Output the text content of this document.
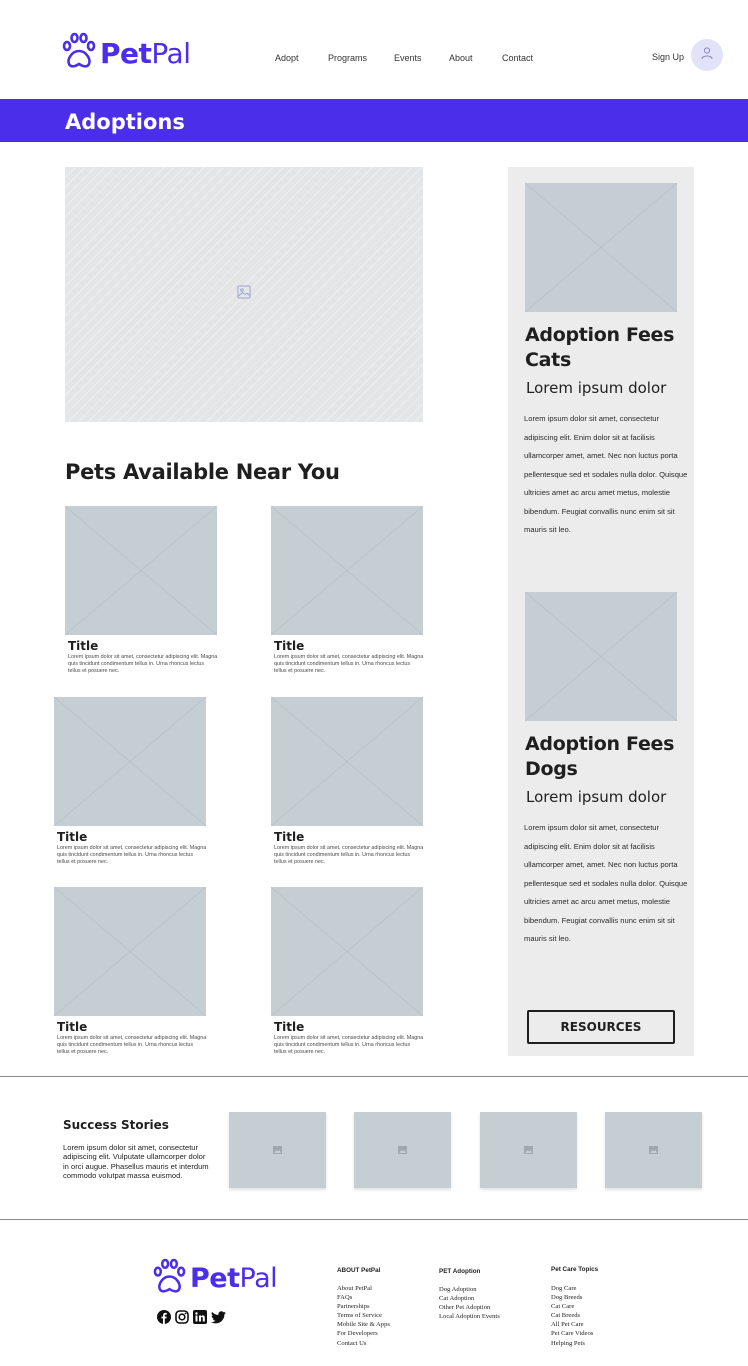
PetPal	Adopt	Programs	Events	About	Contact	Sign Up
Adoptions
Pets Available Near You
Title
Lorem ipsum dolor sit amet, consectetur adipiscing elit. Magna quis tincidunt condimentum tellus in. Urna rhoncus lectus tellus et posuere nec.
Title
Lorem ipsum dolor sit amet, consectetur adipiscing elit. Magna quis tincidunt condimentum tellus in. Urna rhoncus lectus tellus et posuere nec.
Title
Lorem ipsum dolor sit amet, consectetur adipiscing elit. Magna quis tincidunt condimentum tellus in. Urna rhoncus lectus tellus et posuere nec.
Title
Lorem ipsum dolor sit amet, consectetur adipiscing elit. Magna quis tincidunt condimentum tellus in. Urna rhoncus lectus tellus et posuere nec.
Title
Lorem ipsum dolor sit amet, consectetur adipiscing elit. Magna quis tincidunt condimentum tellus in. Urna rhoncus lectus tellus et posuere nec.
Title
Lorem ipsum dolor sit amet, consectetur adipiscing elit. Magna quis tincidunt condimentum tellus in. Urna rhoncus lectus tellus et posuere nec.
Adoption Fees
Cats
Lorem ipsum dolor
Lorem ipsum dolor sit amet, consectetur adipiscing elit. Enim dolor sit at facilisis ullamcorper amet, amet. Nec non luctus porta pellentesque sed et sodales nulla dolor. Quisque ultricies amet ac arcu amet metus, molestie bibendum. Feugiat convallis nunc enim sit sit mauris sit leo.
Adoption Fees
Dogs
Lorem ipsum dolor
Lorem ipsum dolor sit amet, consectetur adipiscing elit. Enim dolor sit at facilisis ullamcorper amet, amet. Nec non luctus porta pellentesque sed et sodales nulla dolor. Quisque ultricies amet ac arcu amet metus, molestie bibendum. Feugiat convallis nunc enim sit sit mauris sit leo.
RESOURCES
Success Stories
Lorem ipsum dolor sit amet, consectetur adipiscing elit. Vulputate ullamcorper dolor in orci augue. Phasellus mauris et interdum commodo volutpat massa euismod.
PetPal	ABOUT PetPal
About PetPal
FAQs
Partnerships
Terms of Service
Mobile Site & Apps
For Developers
Contact Us
PET Adoption
Dog Adoption
Cat Adoption
Other Pet Adoption
Local Adoption Events
Pet Care Topics
Dog Care
Dog Breeds
Cat Care
Cat Breeds
All Pet Care
Pet Care Videos
Helping Pets
